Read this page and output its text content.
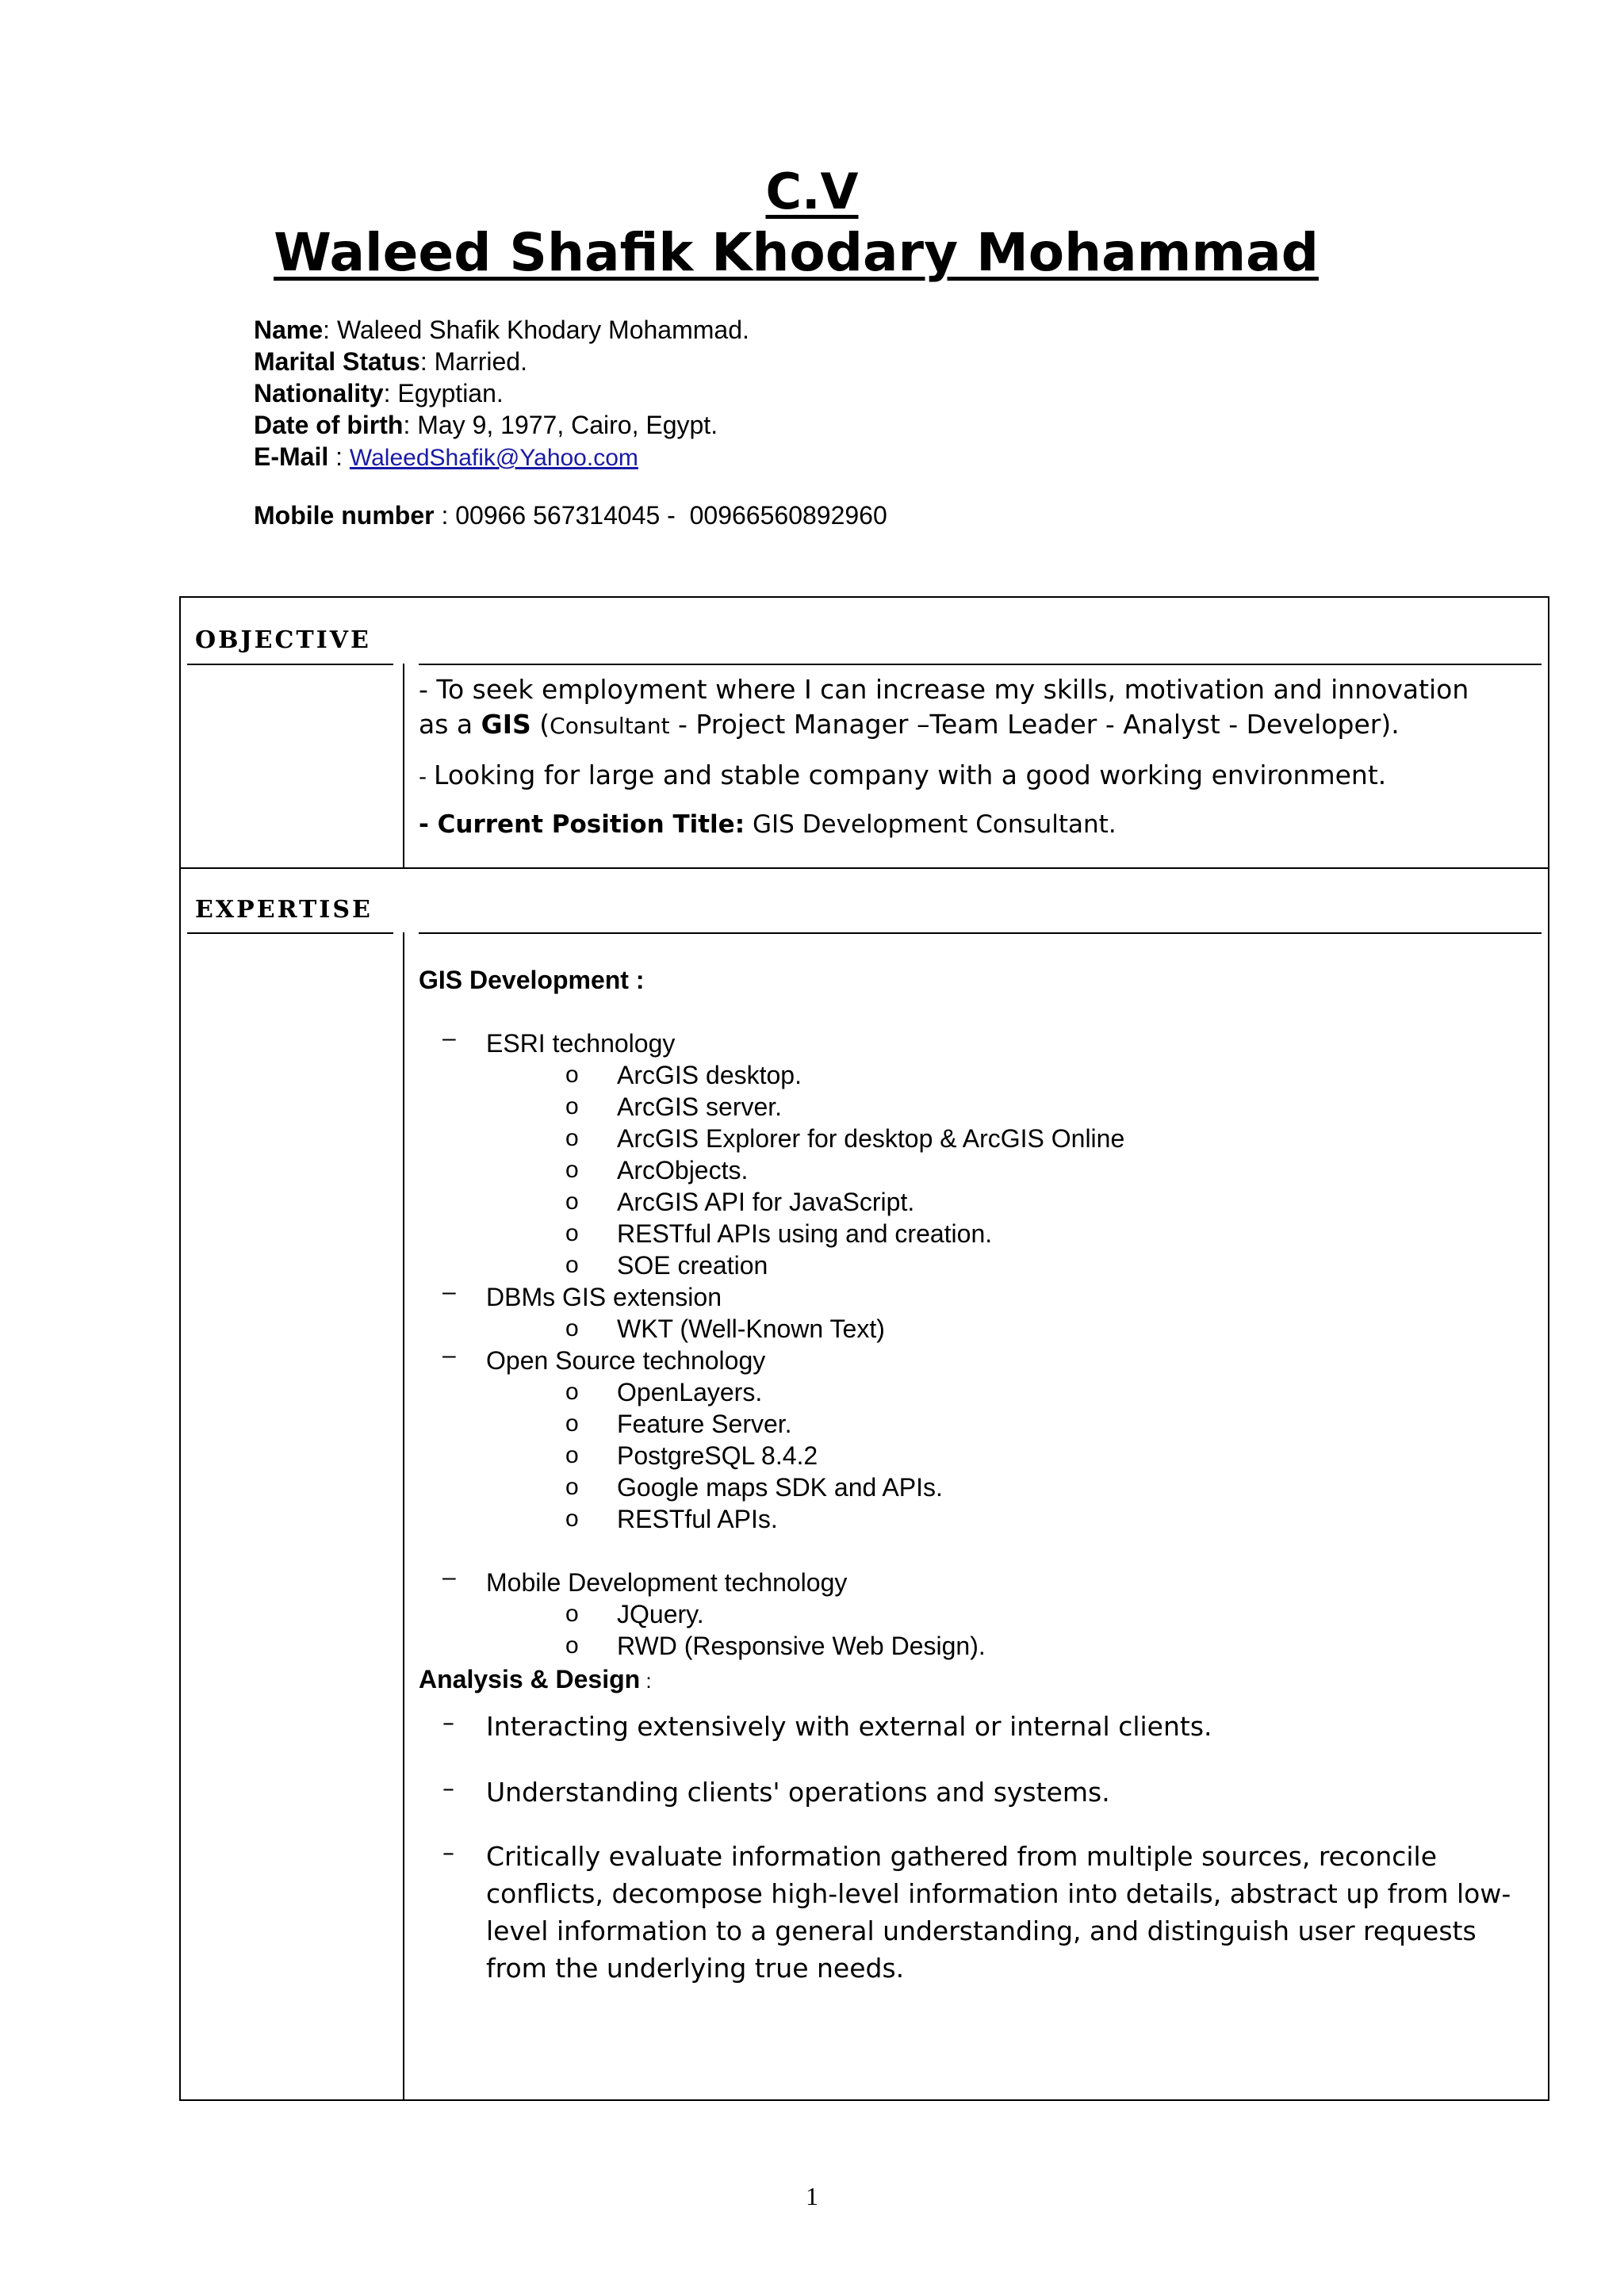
C.V
Waleed Shafik Khodary Mohammad
Name: Waleed Shafik Khodary Mohammad.
Marital Status: Married.
Nationality: Egyptian.
Date of birth: May 9, 1977, Cairo, Egypt.
E-Mail : WaleedShafik@Yahoo.com
Mobile number : 00966 567314045 -  00966560892960
OBJECTIVE
EXPERTISE
- To seek employment where I can increase my skills, motivation and innovation
as a GIS (Consultant - Project Manager –Team Leader - Analyst - Developer).
- Looking for large and stable company with a good working environment.
- Current Position Title: GIS Development Consultant.
GIS Development :
– ESRI technology
o ArcGIS desktop.
o ArcGIS server.
o ArcGIS Explorer for desktop & ArcGIS Online
o ArcObjects.
o ArcGIS API for JavaScript.
o RESTful APIs using and creation.
o SOE creation
– DBMs GIS extension
o WKT (Well-Known Text)
– Open Source technology
o OpenLayers.
o Feature Server.
o PostgreSQL 8.4.2
o Google maps SDK and APIs.
o RESTful APIs.
– Mobile Development technology
o JQuery.
o RWD (Responsive Web Design).
Analysis & Design :
– Interacting extensively with external or internal clients.
– Understanding clients' operations and systems.
– Critically evaluate information gathered from multiple sources, reconcile conflicts, decompose high-level information into details, abstract up from low-level information to a general understanding, and distinguish user requests from the underlying true needs.
1
